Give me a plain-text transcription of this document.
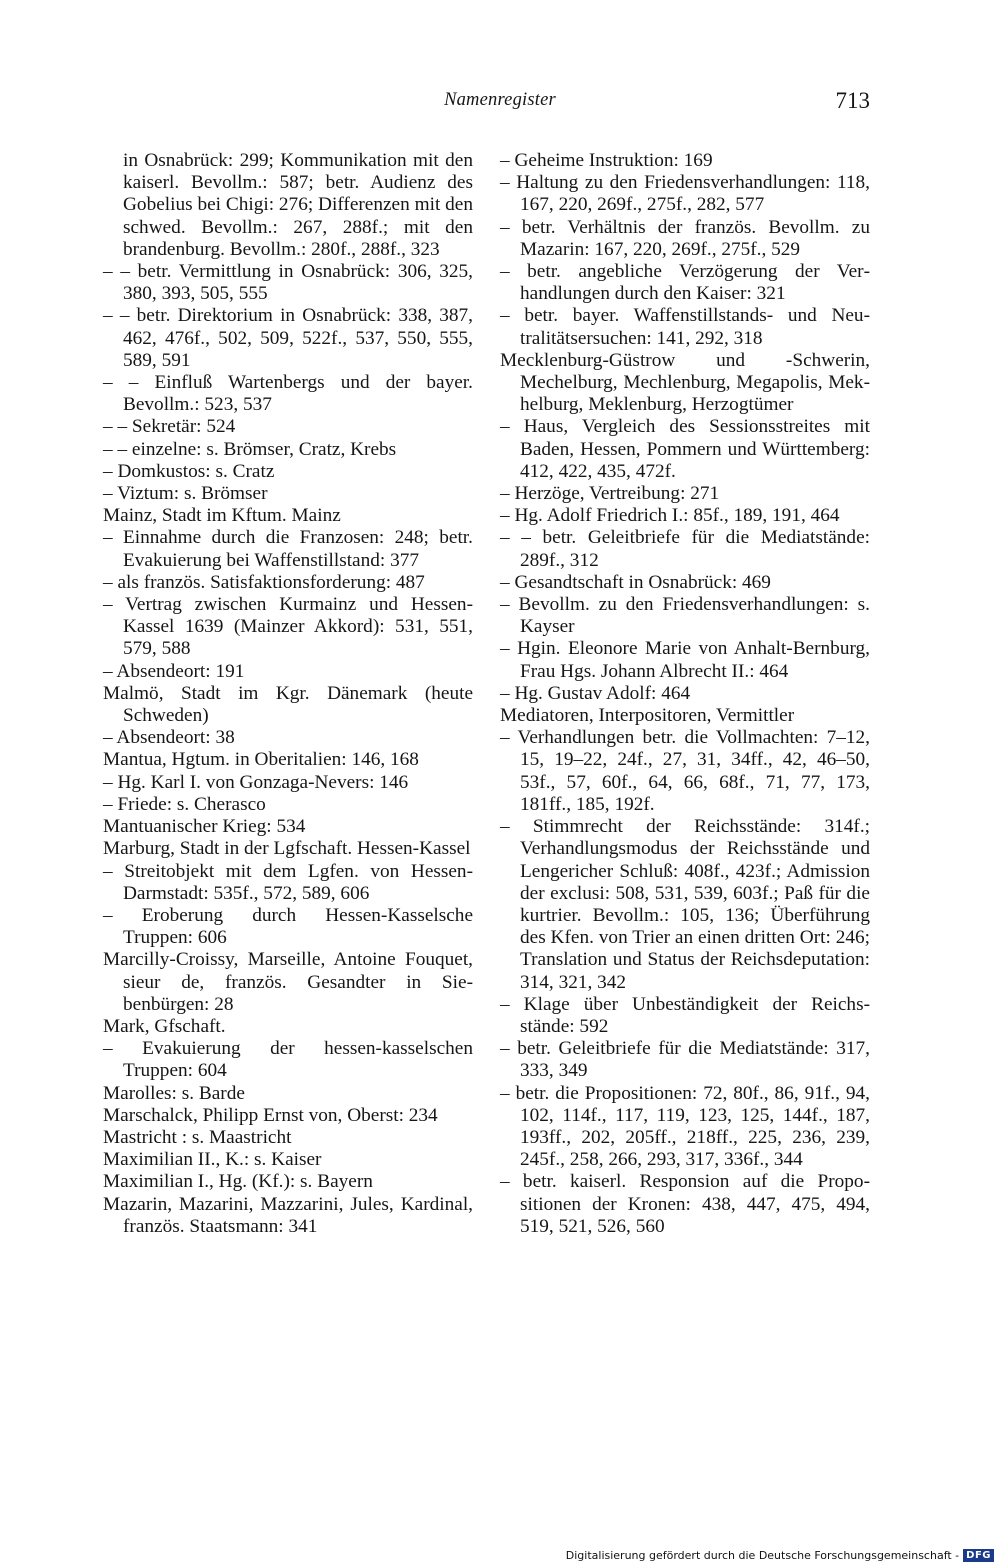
Namenregister	713
in Osnabrück: 299; Kommunikation mit den kaiserl. Bevollm.: 587; betr. Audienz des Gobelius bei Chigi: 276; Differenzen mit den schwed. Bevollm.: 267, 288f.; mit den brandenburg. Bevollm.: 280f., 288f., 323
– – betr. Vermittlung in Osnabrück: 306, 325, 380, 393, 505, 555
– – betr. Direktorium in Osnabrück: 338, 387, 462, 476f., 502, 509, 522f., 537, 550, 555, 589, 591
– – Einfluß Wartenbergs und der bayer. Bevollm.: 523, 537
– – Sekretär: 524
– – einzelne: s. Brömser, Cratz, Krebs
– Domkustos: s. Cratz
– Viztum: s. Brömser
Mainz, Stadt im Kftum. Mainz
– Einnahme durch die Franzosen: 248; betr. Evakuierung bei Waffenstillstand: 377
– als französ. Satisfaktionsforderung: 487
– Vertrag zwischen Kurmainz und Hessen-Kassel 1639 (Mainzer Akkord): 531, 551, 579, 588
– Absendeort: 191
Malmö, Stadt im Kgr. Dänemark (heute Schweden)
– Absendeort: 38
Mantua, Hgtum. in Oberitalien: 146, 168
– Hg. Karl I. von Gonzaga-Nevers: 146
– Friede: s. Cherasco
Mantuanischer Krieg: 534
Marburg, Stadt in der Lgfschaft. Hessen-Kassel
– Streitobjekt mit dem Lgfen. von Hessen-Darmstadt: 535f., 572, 589, 606
– Eroberung durch Hessen-Kasselsche Truppen: 606
Marcilly-Croissy, Marseille, Antoine Fouquet, sieur de, französ. Gesandter in Siebenbürgen: 28
Mark, Gfschaft.
– Evakuierung der hessen-kasselschen Truppen: 604
Marolles: s. Barde
Marschalck, Philipp Ernst von, Oberst: 234
Mastricht : s. Maastricht
Maximilian II., K.: s. Kaiser
Maximilian I., Hg. (Kf.): s. Bayern
Mazarin, Mazarini, Mazzarini, Jules, Kardinal, französ. Staatsmann: 341
– Geheime Instruktion: 169
– Haltung zu den Friedensverhandlungen: 118, 167, 220, 269f., 275f., 282, 577
– betr. Verhältnis der französ. Bevollm. zu Mazarin: 167, 220, 269f., 275f., 529
– betr. angebliche Verzögerung der Verhandlungen durch den Kaiser: 321
– betr. bayer. Waffenstillstands- und Neutralitätsersuchen: 141, 292, 318
Mecklenburg-Güstrow und -Schwerin, Mechelburg, Mechlenburg, Megapolis, Mekhelburg, Meklenburg, Herzogtümer
– Haus, Vergleich des Sessionsstreites mit Baden, Hessen, Pommern und Württemberg: 412, 422, 435, 472f.
– Herzöge, Vertreibung: 271
– Hg. Adolf Friedrich I.: 85f., 189, 191, 464
– – betr. Geleitbriefe für die Mediatstände: 289f., 312
– Gesandtschaft in Osnabrück: 469
– Bevollm. zu den Friedensverhandlungen: s. Kayser
– Hgin. Eleonore Marie von Anhalt-Bernburg, Frau Hgs. Johann Albrecht II.: 464
– Hg. Gustav Adolf: 464
Mediatoren, Interpositoren, Vermittler
– Verhandlungen betr. die Vollmachten: 7–12, 15, 19–22, 24f., 27, 31, 34ff., 42, 46–50, 53f., 57, 60f., 64, 66, 68f., 71, 77, 173, 181ff., 185, 192f.
– Stimmrecht der Reichsstände: 314f.; Verhandlungsmodus der Reichsstände und Lengericher Schluß: 408f., 423f.; Admission der exclusi: 508, 531, 539, 603f.; Paß für die kurtrier. Bevollm.: 105, 136; Überführung des Kfen. von Trier an einen dritten Ort: 246; Translation und Status der Reichsdeputation: 314, 321, 342
– Klage über Unbeständigkeit der Reichsstände: 592
– betr. Geleitbriefe für die Mediatstände: 317, 333, 349
– betr. die Propositionen: 72, 80f., 86, 91f., 94, 102, 114f., 117, 119, 123, 125, 144f., 187, 193ff., 202, 205ff., 218ff., 225, 236, 239, 245f., 258, 266, 293, 317, 336f., 344
– betr. kaiserl. Responsion auf die Propositionen der Kronen: 438, 447, 475, 494, 519, 521, 526, 560
Digitalisierung gefördert durch die Deutsche Forschungsgemeinschaft - DFG
